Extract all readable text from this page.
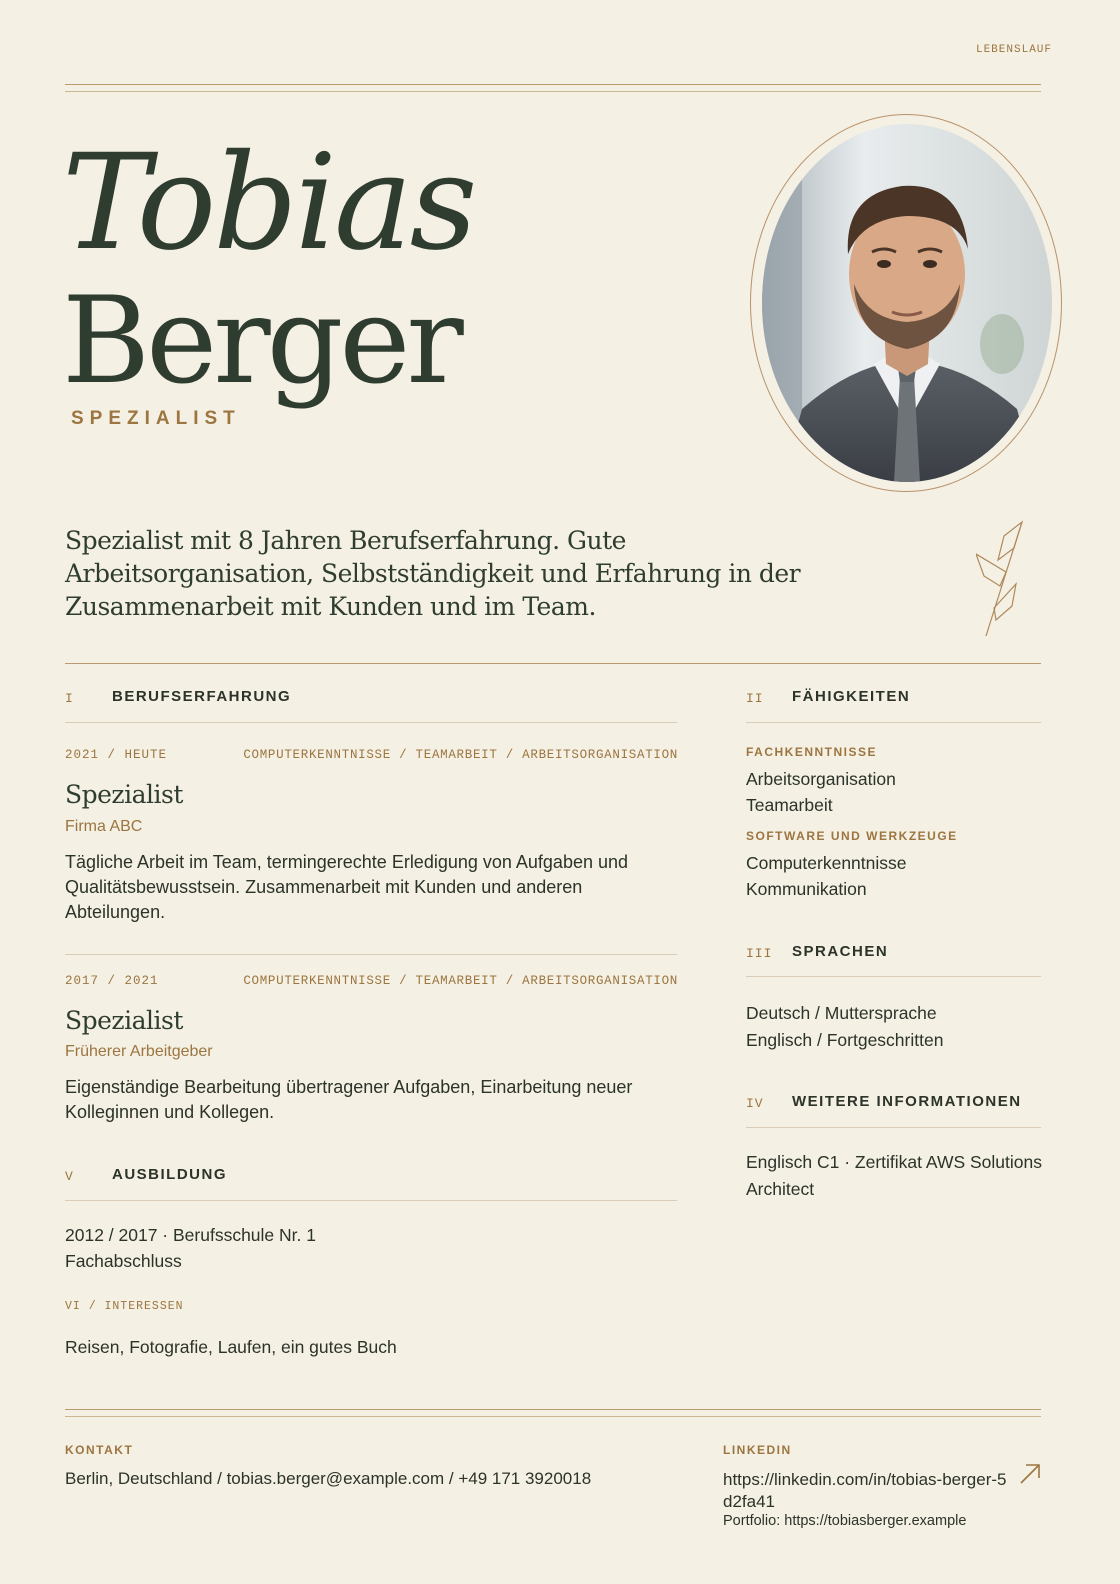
LEBENSLAUF
Tobias
Berger
SPEZIALIST
Spezialist mit 8 Jahren Berufserfahrung. Gute Arbeitsorganisation, Selbstständigkeit und Erfahrung in der Zusammenarbeit mit Kunden und im Team.
I	BERUFSERFAHRUNG
2021 / HEUTE	COMPUTERKENNTNISSE / TEAMARBEIT / ARBEITSORGANISATION
Spezialist
Firma ABC
Tägliche Arbeit im Team, termingerechte Erledigung von Aufgaben und Qualitätsbewusstsein. Zusammenarbeit mit Kunden und anderen Abteilungen.
2017 / 2021	COMPUTERKENNTNISSE / TEAMARBEIT / ARBEITSORGANISATION
Spezialist
Früherer Arbeitgeber
Eigenständige Bearbeitung übertragener Aufgaben, Einarbeitung neuer Kolleginnen und Kollegen.
V	AUSBILDUNG
2012 / 2017 · Berufsschule Nr. 1
Fachabschluss
VI / INTERESSEN
Reisen, Fotografie, Laufen, ein gutes Buch
II FÄHIGKEITEN
FACHKENNTNISSE
Arbeitsorganisation
Teamarbeit
SOFTWARE UND WERKZEUGE
Computerkenntnisse
Kommunikation
III SPRACHEN
Deutsch / Muttersprache
Englisch / Fortgeschritten
IV WEITERE INFORMATIONEN
Englisch C1 · Zertifikat AWS Solutions Architect
KONTAKT
Berlin, Deutschland / tobias.berger@example.com / +49 171 3920018
LINKEDIN
https://linkedin.com/in/tobias-berger-5d2fa41
Portfolio: https://tobiasberger.example
